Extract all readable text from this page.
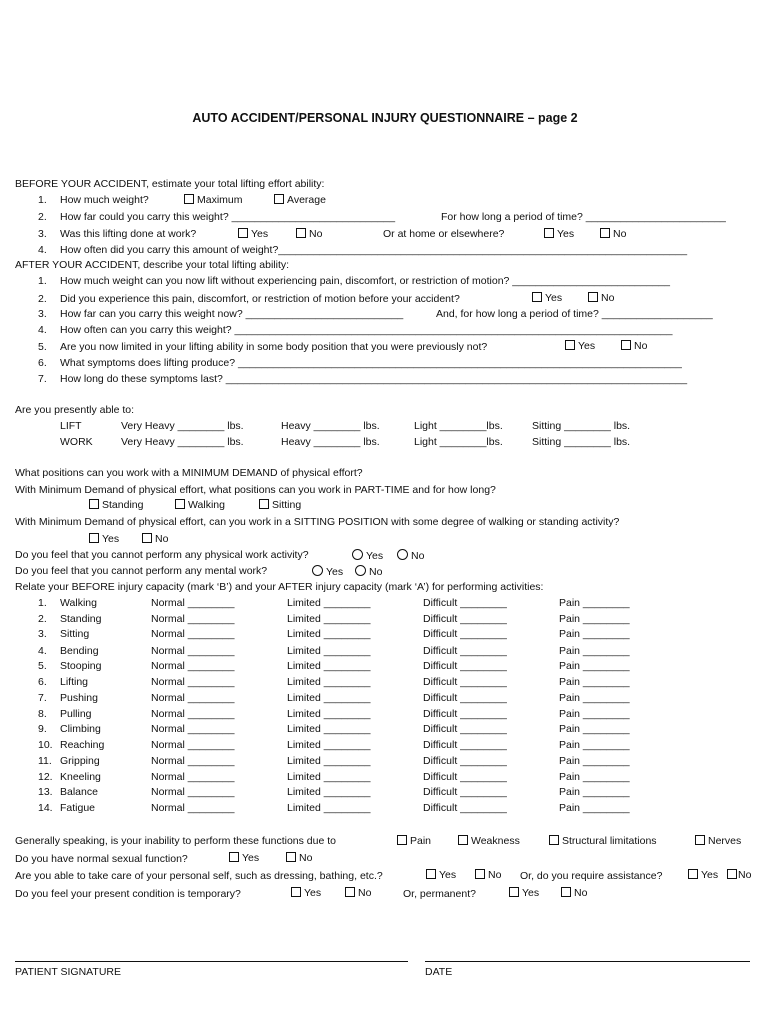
AUTO ACCIDENT/PERSONAL INJURY QUESTIONNAIRE – page 2
BEFORE YOUR ACCIDENT, estimate your total lifting effort ability:
1. How much weight?	Maximum	Average
2. How far could you carry this weight? ____________________________	For how long a period of time? ________________________
3. Was this lifting done at work?	Yes	No	Or at home or elsewhere?	Yes	No
4. How often did you carry this amount of weight?______________________________________________________________________
AFTER YOUR ACCIDENT, describe your total lifting ability:
1. How much weight can you now lift without experiencing pain, discomfort, or restriction of motion? ___________________________
2. Did you experience this pain, discomfort, or restriction of motion before your accident?	Yes	No
3. How far can you carry this weight now? ___________________________	And, for how long a period of time? ___________________
4. How often can you carry this weight? ___________________________________________________________________________
5. Are you now limited in your lifting ability in some body position that you were previously not?	Yes	No
6. What symptoms does lifting produce? ____________________________________________________________________________
7. How long do these symptoms last? _______________________________________________________________________________
Are you presently able to:
LIFT	Very Heavy ________ lbs.	Heavy ________ lbs.	Light ________lbs.	Sitting ________ lbs.
WORK	Very Heavy ________ lbs.	Heavy ________ lbs.	Light ________lbs.	Sitting ________ lbs.
What positions can you work with a MINIMUM DEMAND of physical effort?
With Minimum Demand of physical effort, what positions can you work in PART-TIME and for how long?
Standing	Walking	Sitting
With Minimum Demand of physical effort, can you work in a SITTING POSITION with some degree of walking or standing activity?
Yes	No
Do you feel that you cannot perform any physical work activity?	Yes	No
Do you feel that you cannot perform any mental work?	Yes	No
Relate your BEFORE injury capacity (mark ‘B’) and your AFTER injury capacity (mark ‘A’) for performing activities:
1. Walking	Normal ________	Limited ________	Difficult ________	Pain ________
2. Standing	Normal ________	Limited ________	Difficult ________	Pain ________
3. Sitting	Normal ________	Limited ________	Difficult ________	Pain ________
4. Bending	Normal ________	Limited ________	Difficult ________	Pain ________
5. Stooping	Normal ________	Limited ________	Difficult ________	Pain ________
6. Lifting	Normal ________	Limited ________	Difficult ________	Pain ________
7. Pushing	Normal ________	Limited ________	Difficult ________	Pain ________
8. Pulling	Normal ________	Limited ________	Difficult ________	Pain ________
9. Climbing	Normal ________	Limited ________	Difficult ________	Pain ________
10. Reaching	Normal ________	Limited ________	Difficult ________	Pain ________
11. Gripping	Normal ________	Limited ________	Difficult ________	Pain ________
12. Kneeling	Normal ________	Limited ________	Difficult ________	Pain ________
13. Balance	Normal ________	Limited ________	Difficult ________	Pain ________
14. Fatigue	Normal ________	Limited ________	Difficult ________	Pain ________
Generally speaking, is your inability to perform these functions due to	Pain	Weakness	Structural limitations	Nerves
Do you have normal sexual function?	Yes	No
Are you able to take care of your personal self, such as dressing, bathing, etc.?	Yes	No Or, do you require assistance?	Yes	No
Do you feel your present condition is temporary?	Yes	No	Or, permanent?	Yes	No
PATIENT SIGNATURE	DATE
